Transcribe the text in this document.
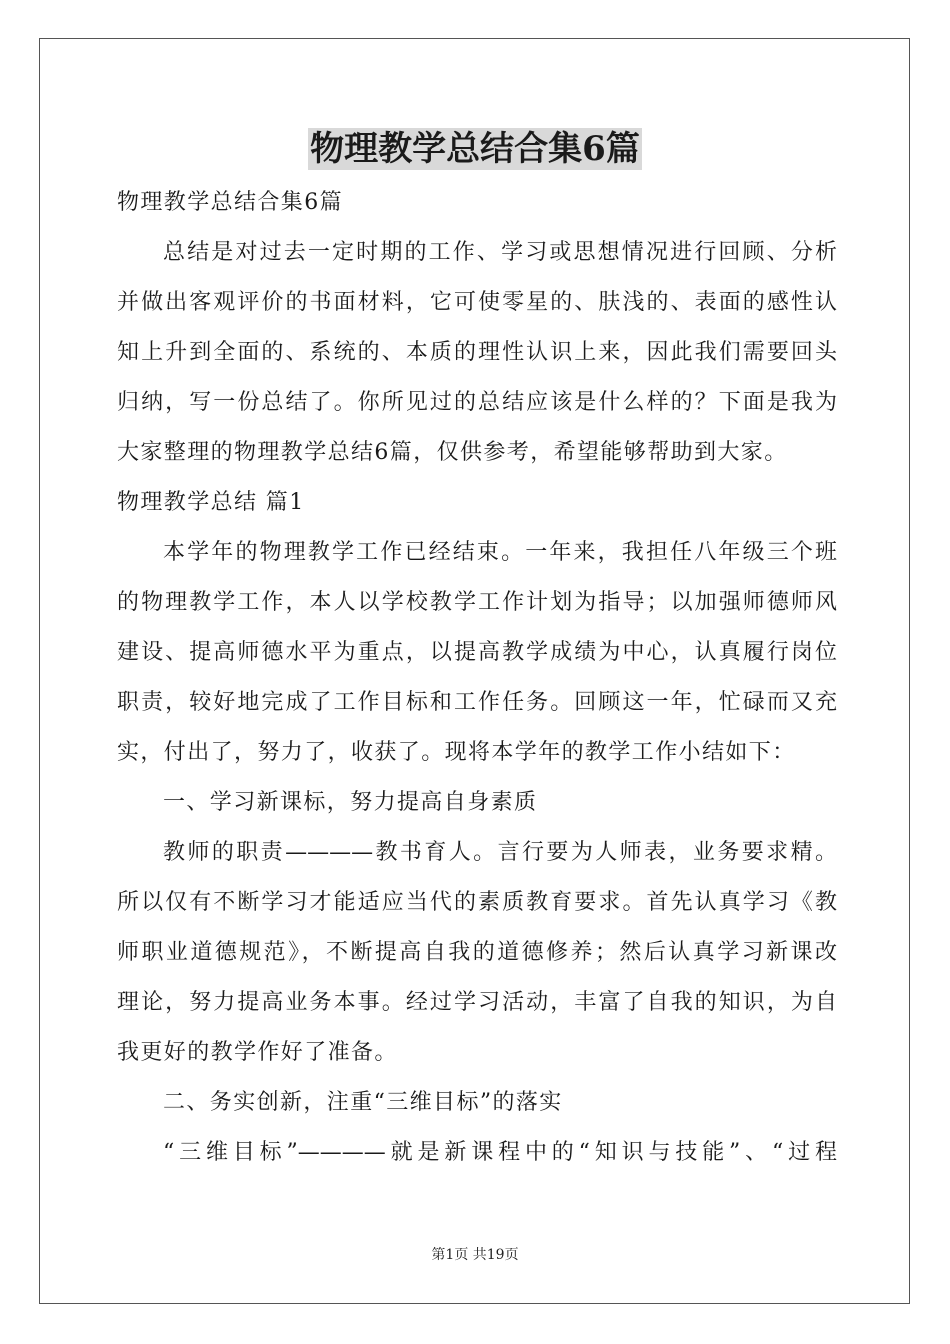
物理教学总结合集6篇
物理教学总结合集6篇
总结是对过去一定时期的工作、学习或思想情况进行回顾、分析
并做出客观评价的书面材料，它可使零星的、肤浅的、表面的感性认
知上升到全面的、系统的、本质的理性认识上来，因此我们需要回头
归纳，写一份总结了。你所见过的总结应该是什么样的？下面是我为
大家整理的物理教学总结6篇，仅供参考，希望能够帮助到大家。
物理教学总结 篇1
本学年的物理教学工作已经结束。一年来，我担任八年级三个班
的物理教学工作，本人以学校教学工作计划为指导；以加强师德师风
建设、提高师德水平为重点，以提高教学成绩为中心，认真履行岗位
职责，较好地完成了工作目标和工作任务。回顾这一年，忙碌而又充
实，付出了，努力了，收获了。现将本学年的教学工作小结如下：
一、学习新课标，努力提高自身素质
教师的职责————教书育人。言行要为人师表，业务要求精。
所以仅有不断学习才能适应当代的素质教育要求。首先认真学习《教
师职业道德规范》，不断提高自我的道德修养；然后认真学习新课改
理论，努力提高业务本事。经过学习活动，丰富了自我的知识，为自
我更好的教学作好了准备。
二、务实创新，注重“三维目标”的落实
“三维目标”————就是新课程中的“知识与技能”、“过程
第1页 共19页
